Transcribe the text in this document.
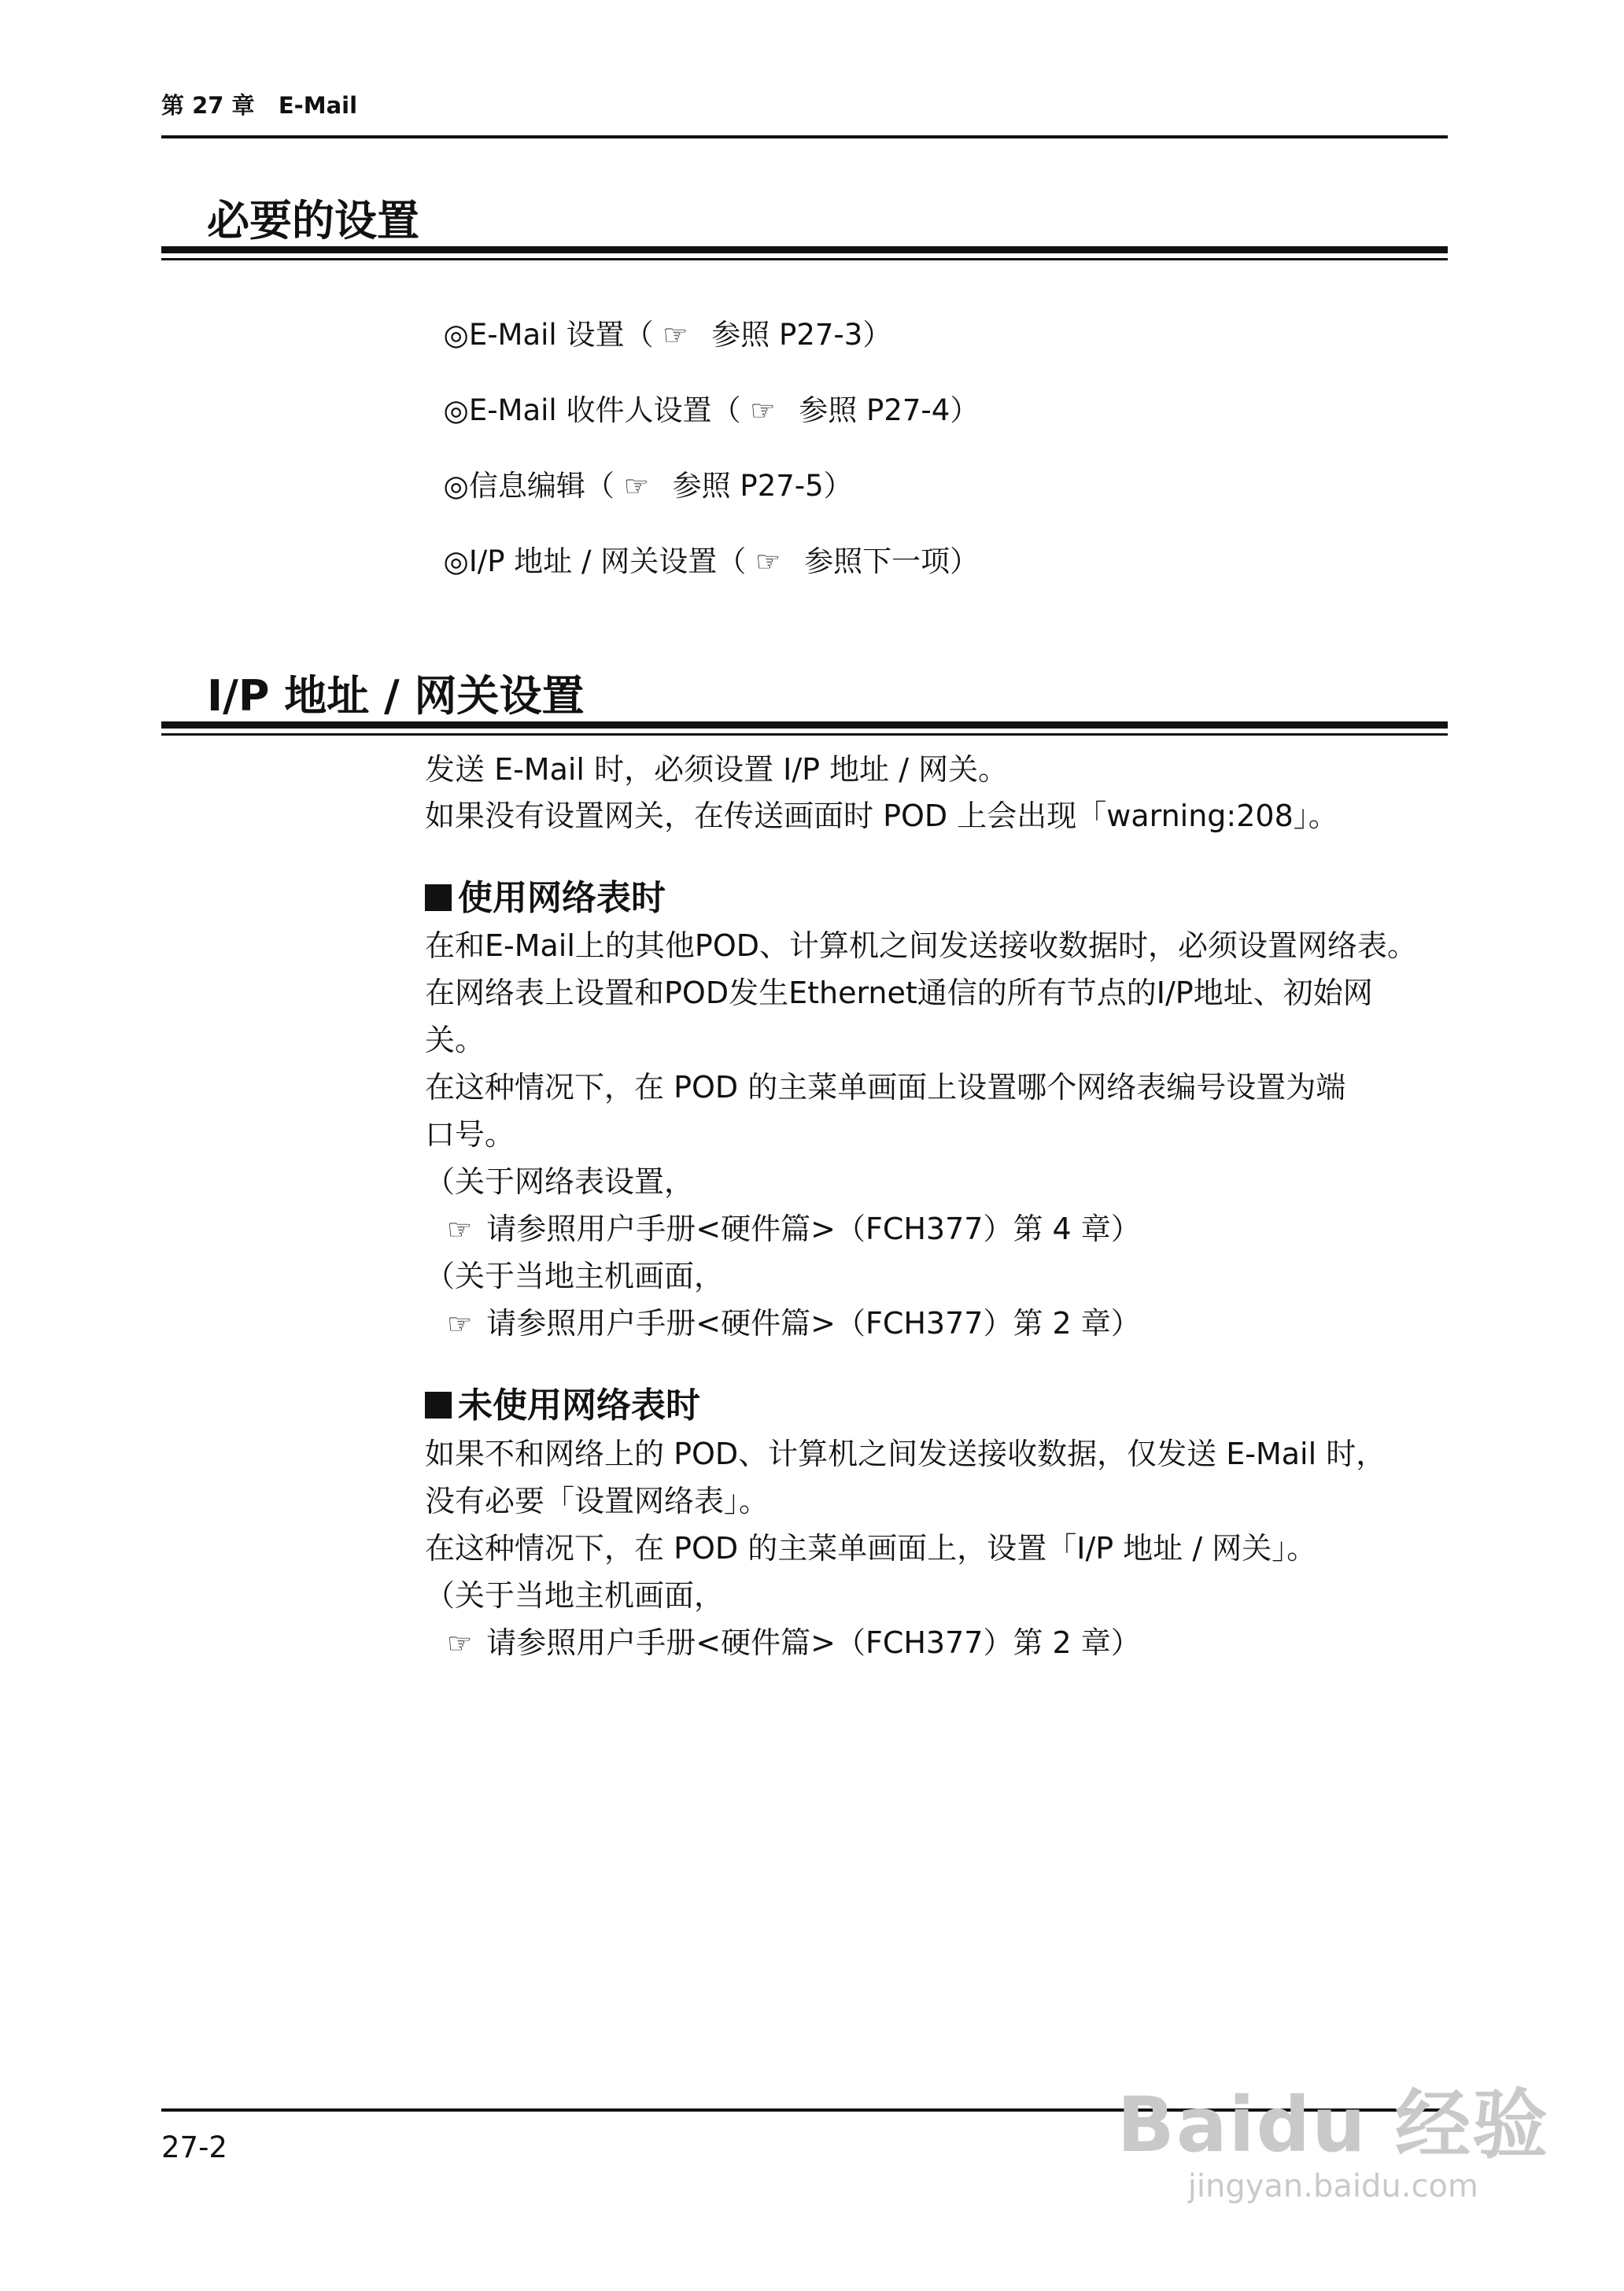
第 27 章 E-Mail
必要的设置

◎E-Mail 设置（ ☞ 参照 P27-3）

◎E-Mail 收件人设置（ ☞ 参照 P27-4）

◎信息编辑（ ☞ 参照 P27-5）

◎I/P 地址 / 网关设置（ ☞ 参照下一项）

I/P 地址 / 网关设置
发送 E-Mail 时，必须设置 I/P 地址 / 网关。
如果没有设置网关，在传送画面时 POD 上会出现「warning:208」。
使用网络表时
在和E-Mail上的其他POD、计算机之间发送接收数据时，必须设置网络表。
在网络表上设置和POD发生Ethernet通信的所有节点的I/P地址、初始网
关。
在这种情况下，在 POD 的主菜单画面上设置哪个网络表编号设置为端
口号。
（关于网络表设置，
☞ 请参照用户手册<硬件篇>（FCH377）第 4 章）
（关于当地主机画面，
☞ 请参照用户手册<硬件篇>（FCH377）第 2 章）
未使用网络表时
如果不和网络上的 POD、计算机之间发送接收数据，仅发送 E-Mail 时，
没有必要「设置网络表」。
在这种情况下，在 POD 的主菜单画面上，设置「I/P 地址 / 网关」。
（关于当地主机画面，
☞ 请参照用户手册<硬件篇>（FCH377）第 2 章）
27-2	Baidu 经验
jingyan.baidu.com
